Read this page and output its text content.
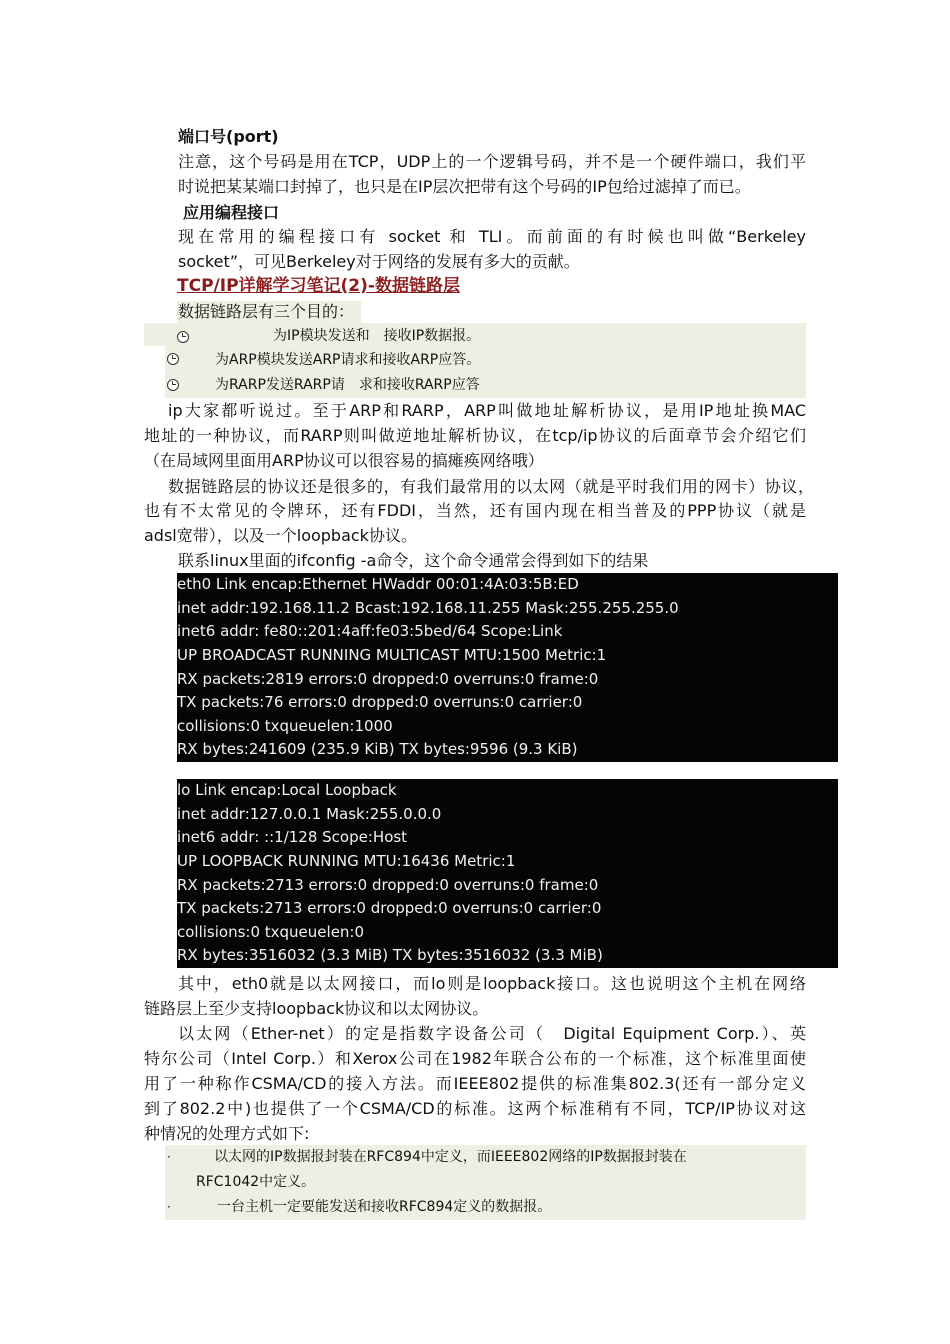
端口号(port)
注意，这个号码是用在TCP，UDP上的一个逻辑号码，并不是一个硬件端口，我们平
时说把某某端口封掉了，也只是在IP层次把带有这个号码的IP包给过滤掉了而已。
应用编程接口
现在常用的编程接口有 socket 和 TLI。而前面的有时候也叫做“Berkeley
socket”，可见Berkeley对于网络的发展有多大的贡献。
TCP/IP详解学习笔记(2)-数据链路层
数据链路层有三个目的：
为IP模块发送和　接收IP数据报。
为ARP模块发送ARP请求和接收ARP应答。
为RARP发送RARP请　求和接收RARP应答
ip大家都听说过。至于ARP和RARP，ARP叫做地址解析协议，是用IP地址换MAC
地址的一种协议，而RARP则叫做逆地址解析协议，在tcp/ip协议的后面章节会介绍它们
（在局域网里面用ARP协议可以很容易的搞瘫痪网络哦）
数据链路层的协议还是很多的，有我们最常用的以太网（就是平时我们用的网卡）协议，
也有不太常见的令牌环，还有FDDI，当然，还有国内现在相当普及的PPP协议（就是
adsl宽带），以及一个loopback协议。
联系linux里面的ifconfig -a命令，这个命令通常会得到如下的结果
eth0 Link encap:Ethernet HWaddr 00:01:4A:03:5B:ED
inet addr:192.168.11.2 Bcast:192.168.11.255 Mask:255.255.255.0
inet6 addr: fe80::201:4aff:fe03:5bed/64 Scope:Link
UP BROADCAST RUNNING MULTICAST MTU:1500 Metric:1
RX packets:2819 errors:0 dropped:0 overruns:0 frame:0
TX packets:76 errors:0 dropped:0 overruns:0 carrier:0
collisions:0 txqueuelen:1000
RX bytes:241609 (235.9 KiB) TX bytes:9596 (9.3 KiB)
lo Link encap:Local Loopback
inet addr:127.0.0.1 Mask:255.0.0.0
inet6 addr: ::1/128 Scope:Host
UP LOOPBACK RUNNING MTU:16436 Metric:1
RX packets:2713 errors:0 dropped:0 overruns:0 frame:0
TX packets:2713 errors:0 dropped:0 overruns:0 carrier:0
collisions:0 txqueuelen:0
RX bytes:3516032 (3.3 MiB) TX bytes:3516032 (3.3 MiB)
其中，eth0就是以太网接口，而lo则是loopback接口。这也说明这个主机在网络
链路层上至少支持loopback协议和以太网协议。
以太网（Ether-net）的定是指数字设备公司（　Digital Equipment Corp.）、英
特尔公司（Intel Corp.）和Xerox公司在1982年联合公布的一个标准，这个标准里面使
用了一种称作CSMA/CD的接入方法。而IEEE802提供的标准集802.3(还有一部分定义
到了802.2中)也提供了一个CSMA/CD的标准。这两个标准稍有不同，TCP/IP协议对这
种情况的处理方式如下:
·	以太网的IP数据报封装在RFC894中定义，而IEEE802网络的IP数据报封装在
RFC1042中定义。
·	一台主机一定要能发送和接收RFC894定义的数据报。
